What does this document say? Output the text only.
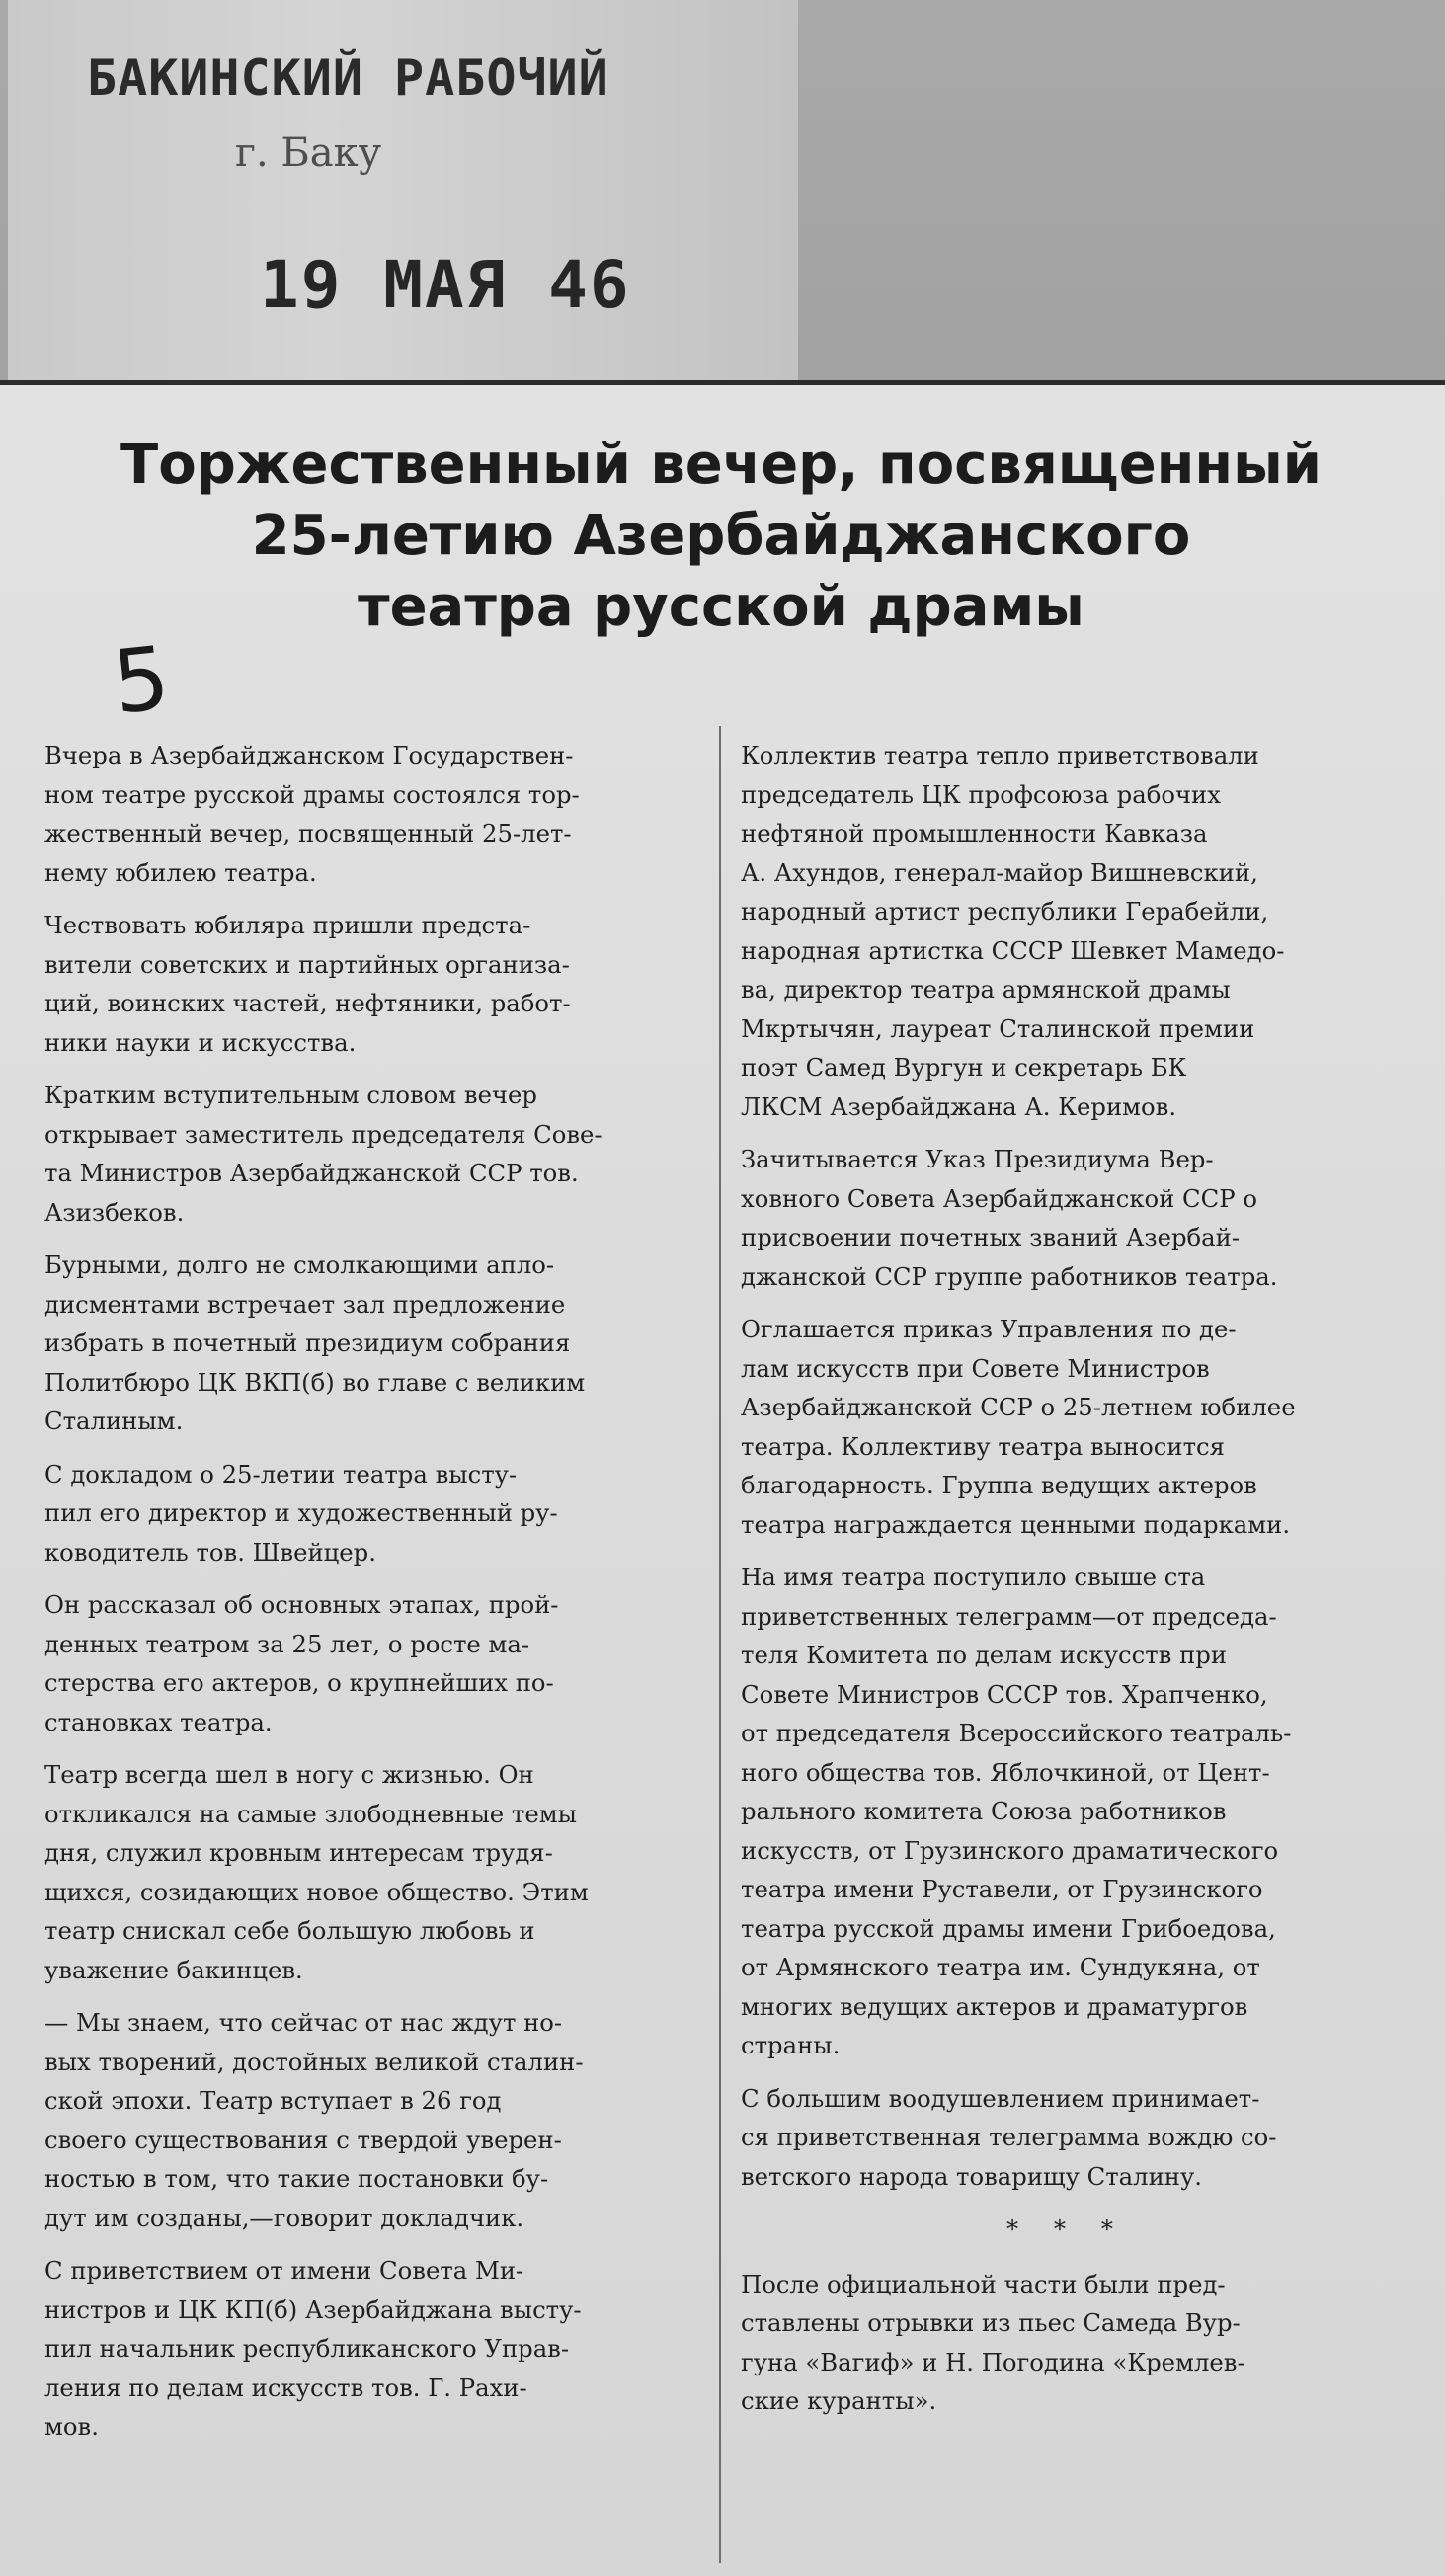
БАКИНСКИЙ РАБОЧИЙ
г. Баку
19 МАЯ 46
Торжественный вечер, посвященный
25-летию Азербайджанского
театра русской драмы
5
Вчера в Азербайджанском Государствен-
ном театре русской драмы состоялся тор-
жественный вечер, посвященный 25-лет-
нему юбилею театра.
Чествовать юбиляра пришли предста-
вители советских и партийных организа-
ций, воинских частей, нефтяники, работ-
ники науки и искусства.
Кратким вступительным словом вечер
открывает заместитель председателя Сове-
та Министров Азербайджанской ССР тов.
Азизбеков.
Бурными, долго не смолкающими апло-
дисментами встречает зал предложение
избрать в почетный президиум собрания
Политбюро ЦК ВКП(б) во главе с великим
Сталиным.
С докладом о 25-летии театра высту-
пил его директор и художественный ру-
ководитель тов. Швейцер.
Он рассказал об основных этапах, прой-
денных театром за 25 лет, о росте ма-
стерства его актеров, о крупнейших по-
становках театра.
Театр всегда шел в ногу с жизнью. Он
откликался на самые злободневные темы
дня, служил кровным интересам трудя-
щихся, созидающих новое общество. Этим
театр снискал себе большую любовь и
уважение бакинцев.
— Мы знаем, что сейчас от нас ждут но-
вых творений, достойных великой сталин-
ской эпохи. Театр вступает в 26 год
своего существования с твердой уверен-
ностью в том, что такие постановки бу-
дут им созданы,—говорит докладчик.
С приветствием от имени Совета Ми-
нистров и ЦК КП(б) Азербайджана высту-
пил начальник республиканского Управ-
ления по делам искусств тов. Г. Рахи-
мов.
Коллектив театра тепло приветствовали
председатель ЦК профсоюза рабочих
нефтяной промышленности Кавказа
А. Ахундов, генерал-майор Вишневский,
народный артист республики Герабейли,
народная артистка СССР Шевкет Мамедо-
ва, директор театра армянской драмы
Мкртычян, лауреат Сталинской премии
поэт Самед Вургун и секретарь БК
ЛКСМ Азербайджана А. Керимов.
Зачитывается Указ Президиума Вер-
ховного Совета Азербайджанской ССР о
присвоении почетных званий Азербай-
джанской ССР группе работников театра.
Оглашается приказ Управления по де-
лам искусств при Совете Министров
Азербайджанской ССР о 25-летнем юбилее
театра. Коллективу театра выносится
благодарность. Группа ведущих актеров
театра награждается ценными подарками.
На имя театра поступило свыше ста
приветственных телеграмм—от председа-
теля Комитета по делам искусств при
Совете Министров СССР тов. Храпченко,
от председателя Всероссийского театраль-
ного общества тов. Яблочкиной, от Цент-
рального комитета Союза работников
искусств, от Грузинского драматического
театра имени Руставели, от Грузинского
театра русской драмы имени Грибоедова,
от Армянского театра им. Сундукяна, от
многих ведущих актеров и драматургов
страны.
С большим воодушевлением принимает-
ся приветственная телеграмма вождю со-
ветского народа товарищу Сталину.
* * *
После официальной части были пред-
ставлены отрывки из пьес Самеда Вур-
гуна «Вагиф» и Н. Погодина «Кремлев-
ские куранты».
